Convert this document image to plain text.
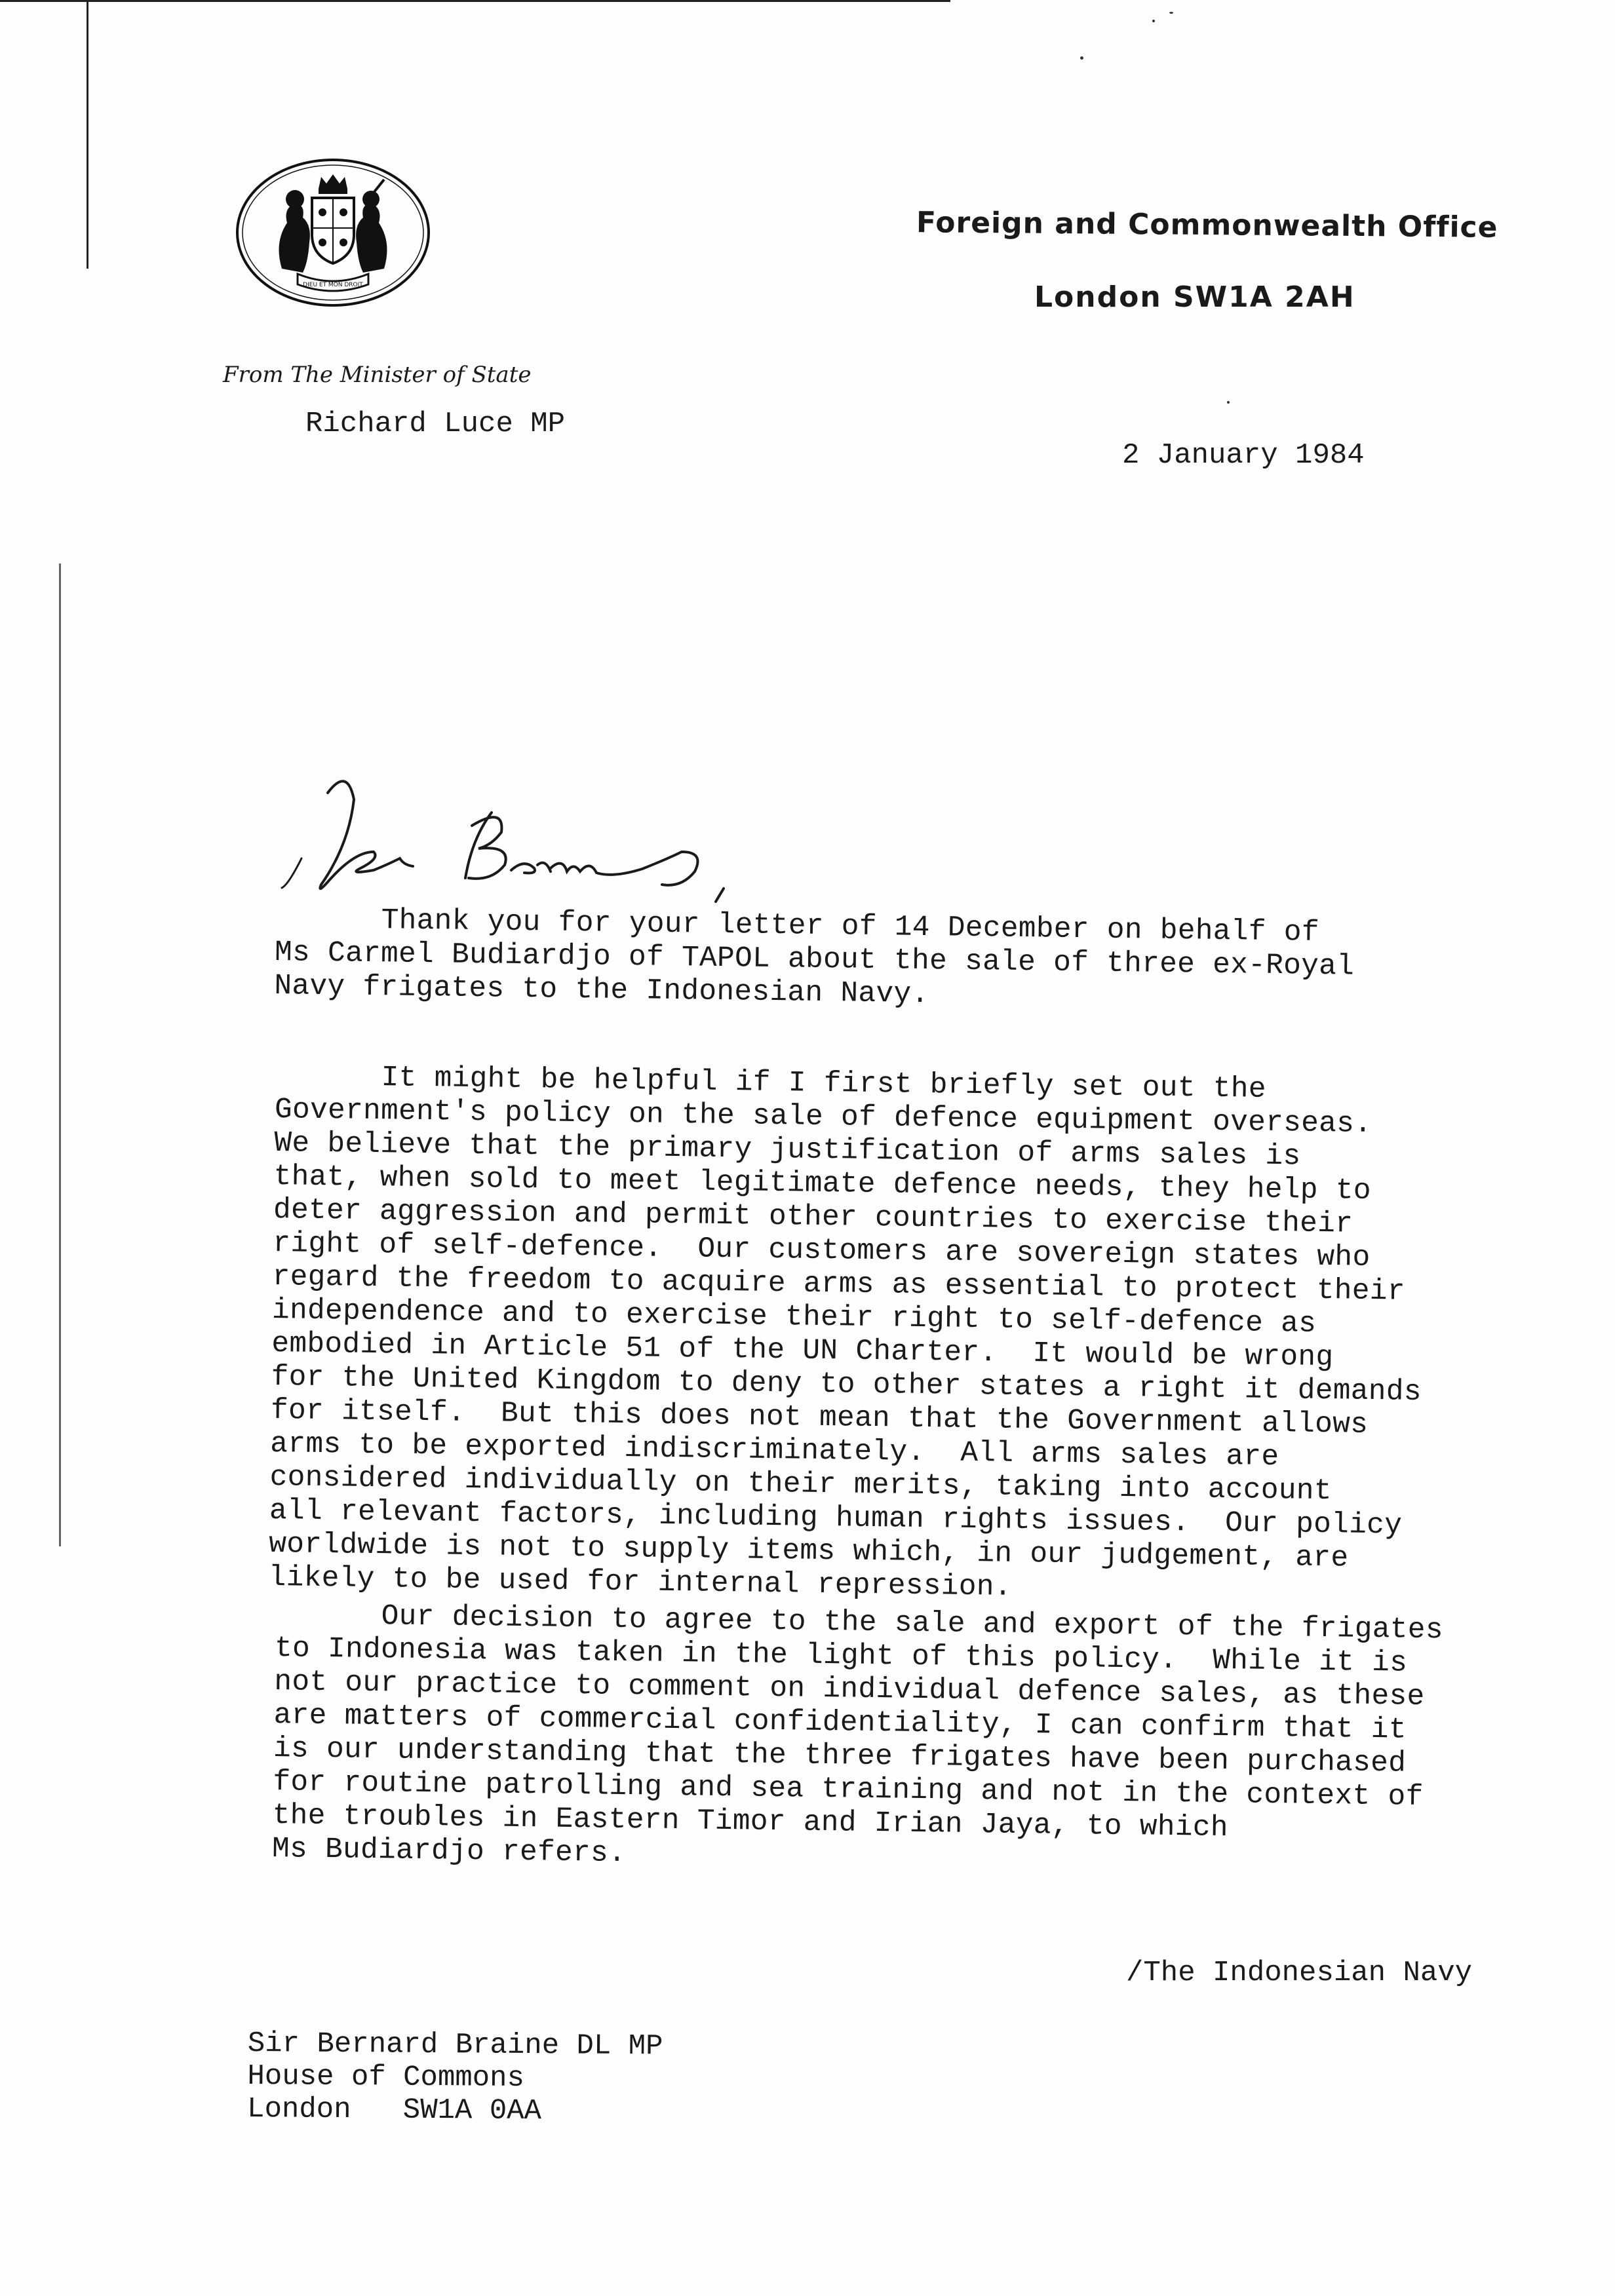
DIEU ET MON DROIT
Foreign and Commonwealth Office
London SW1A 2AH
From The Minister of State
Richard Luce MP
2 January 1984
Thank you for your letter of 14 December on behalf of
Ms Carmel Budiardjo of TAPOL about the sale of three ex-Royal
Navy frigates to the Indonesian Navy.
It might be helpful if I first briefly set out the
Government's policy on the sale of defence equipment overseas.
We believe that the primary justification of arms sales is
that, when sold to meet legitimate defence needs, they help to
deter aggression and permit other countries to exercise their
right of self-defence.  Our customers are sovereign states who
regard the freedom to acquire arms as essential to protect their
independence and to exercise their right to self-defence as
embodied in Article 51 of the UN Charter.  It would be wrong
for the United Kingdom to deny to other states a right it demands
for itself.  But this does not mean that the Government allows
arms to be exported indiscriminately.  All arms sales are
considered individually on their merits, taking into account
all relevant factors, including human rights issues.  Our policy
worldwide is not to supply items which, in our judgement, are
likely to be used for internal repression.
Our decision to agree to the sale and export of the frigates
to Indonesia was taken in the light of this policy.  While it is
not our practice to comment on individual defence sales, as these
are matters of commercial confidentiality, I can confirm that it
is our understanding that the three frigates have been purchased
for routine patrolling and sea training and not in the context of
the troubles in Eastern Timor and Irian Jaya, to which
Ms Budiardjo refers.
/The Indonesian Navy
Sir Bernard Braine DL MP
House of Commons
London   SW1A 0AA
